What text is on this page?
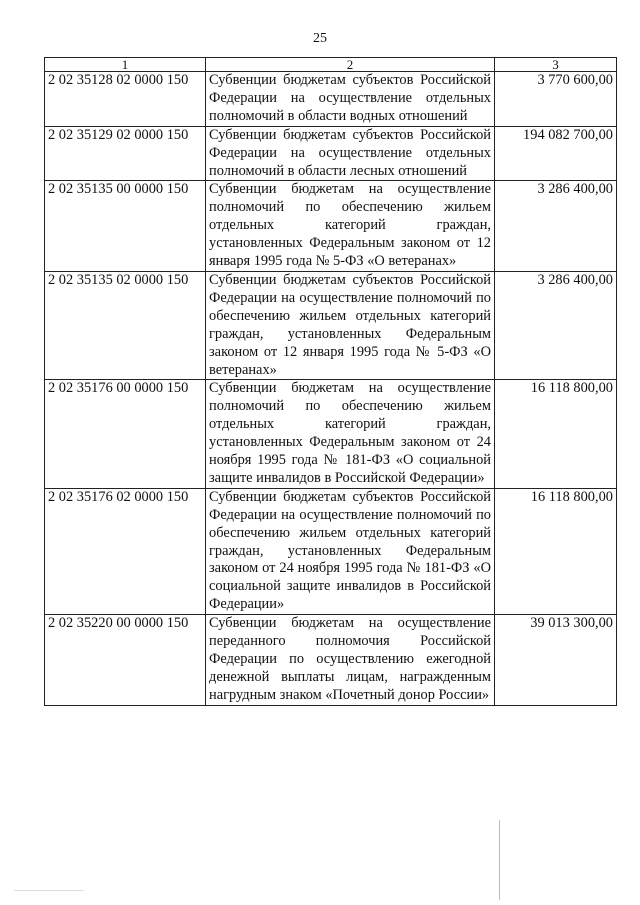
25
1	2	3
2 02 35128 02 0000 150	Субвенции бюджетам субъектов Российской Федерации на осуществление отдельных полномочий в области водных отношений	3 770 600,00
2 02 35129 02 0000 150	Субвенции бюджетам субъектов Российской Федерации на осуществление отдельных полномочий в области лесных отношений	194 082 700,00
2 02 35135 00 0000 150	Субвенции бюджетам на осуществление полномочий по обеспечению жильем отдельных категорий граждан, установленных Федеральным законом от 12 января 1995 года № 5-ФЗ «О ветеранах»	3 286 400,00
2 02 35135 02 0000 150	Субвенции бюджетам субъектов Российской Федерации на осуществление полномочий по обеспечению жильем отдельных категорий граждан, установленных Федеральным законом от 12 января 1995 года № 5-ФЗ «О ветеранах»	3 286 400,00
2 02 35176 00 0000 150	Субвенции бюджетам на осуществление полномочий по обеспечению жильем отдельных категорий граждан, установленных Федеральным законом от 24 ноября 1995 года № 181-ФЗ «О социальной защите инвалидов в Российской Федерации»	16 118 800,00
2 02 35176 02 0000 150	Субвенции бюджетам субъектов Российской Федерации на осуществление полномочий по обеспечению жильем отдельных категорий граждан, установленных Федеральным законом от 24 ноября 1995 года № 181-ФЗ «О социальной защите инвалидов в Российской Федерации»	16 118 800,00
2 02 35220 00 0000 150	Субвенции бюджетам на осуществление переданного полномочия Российской Федерации по осуществлению ежегодной денежной выплаты лицам, награжденным нагрудным знаком «Почетный донор России»	39 013 300,00
